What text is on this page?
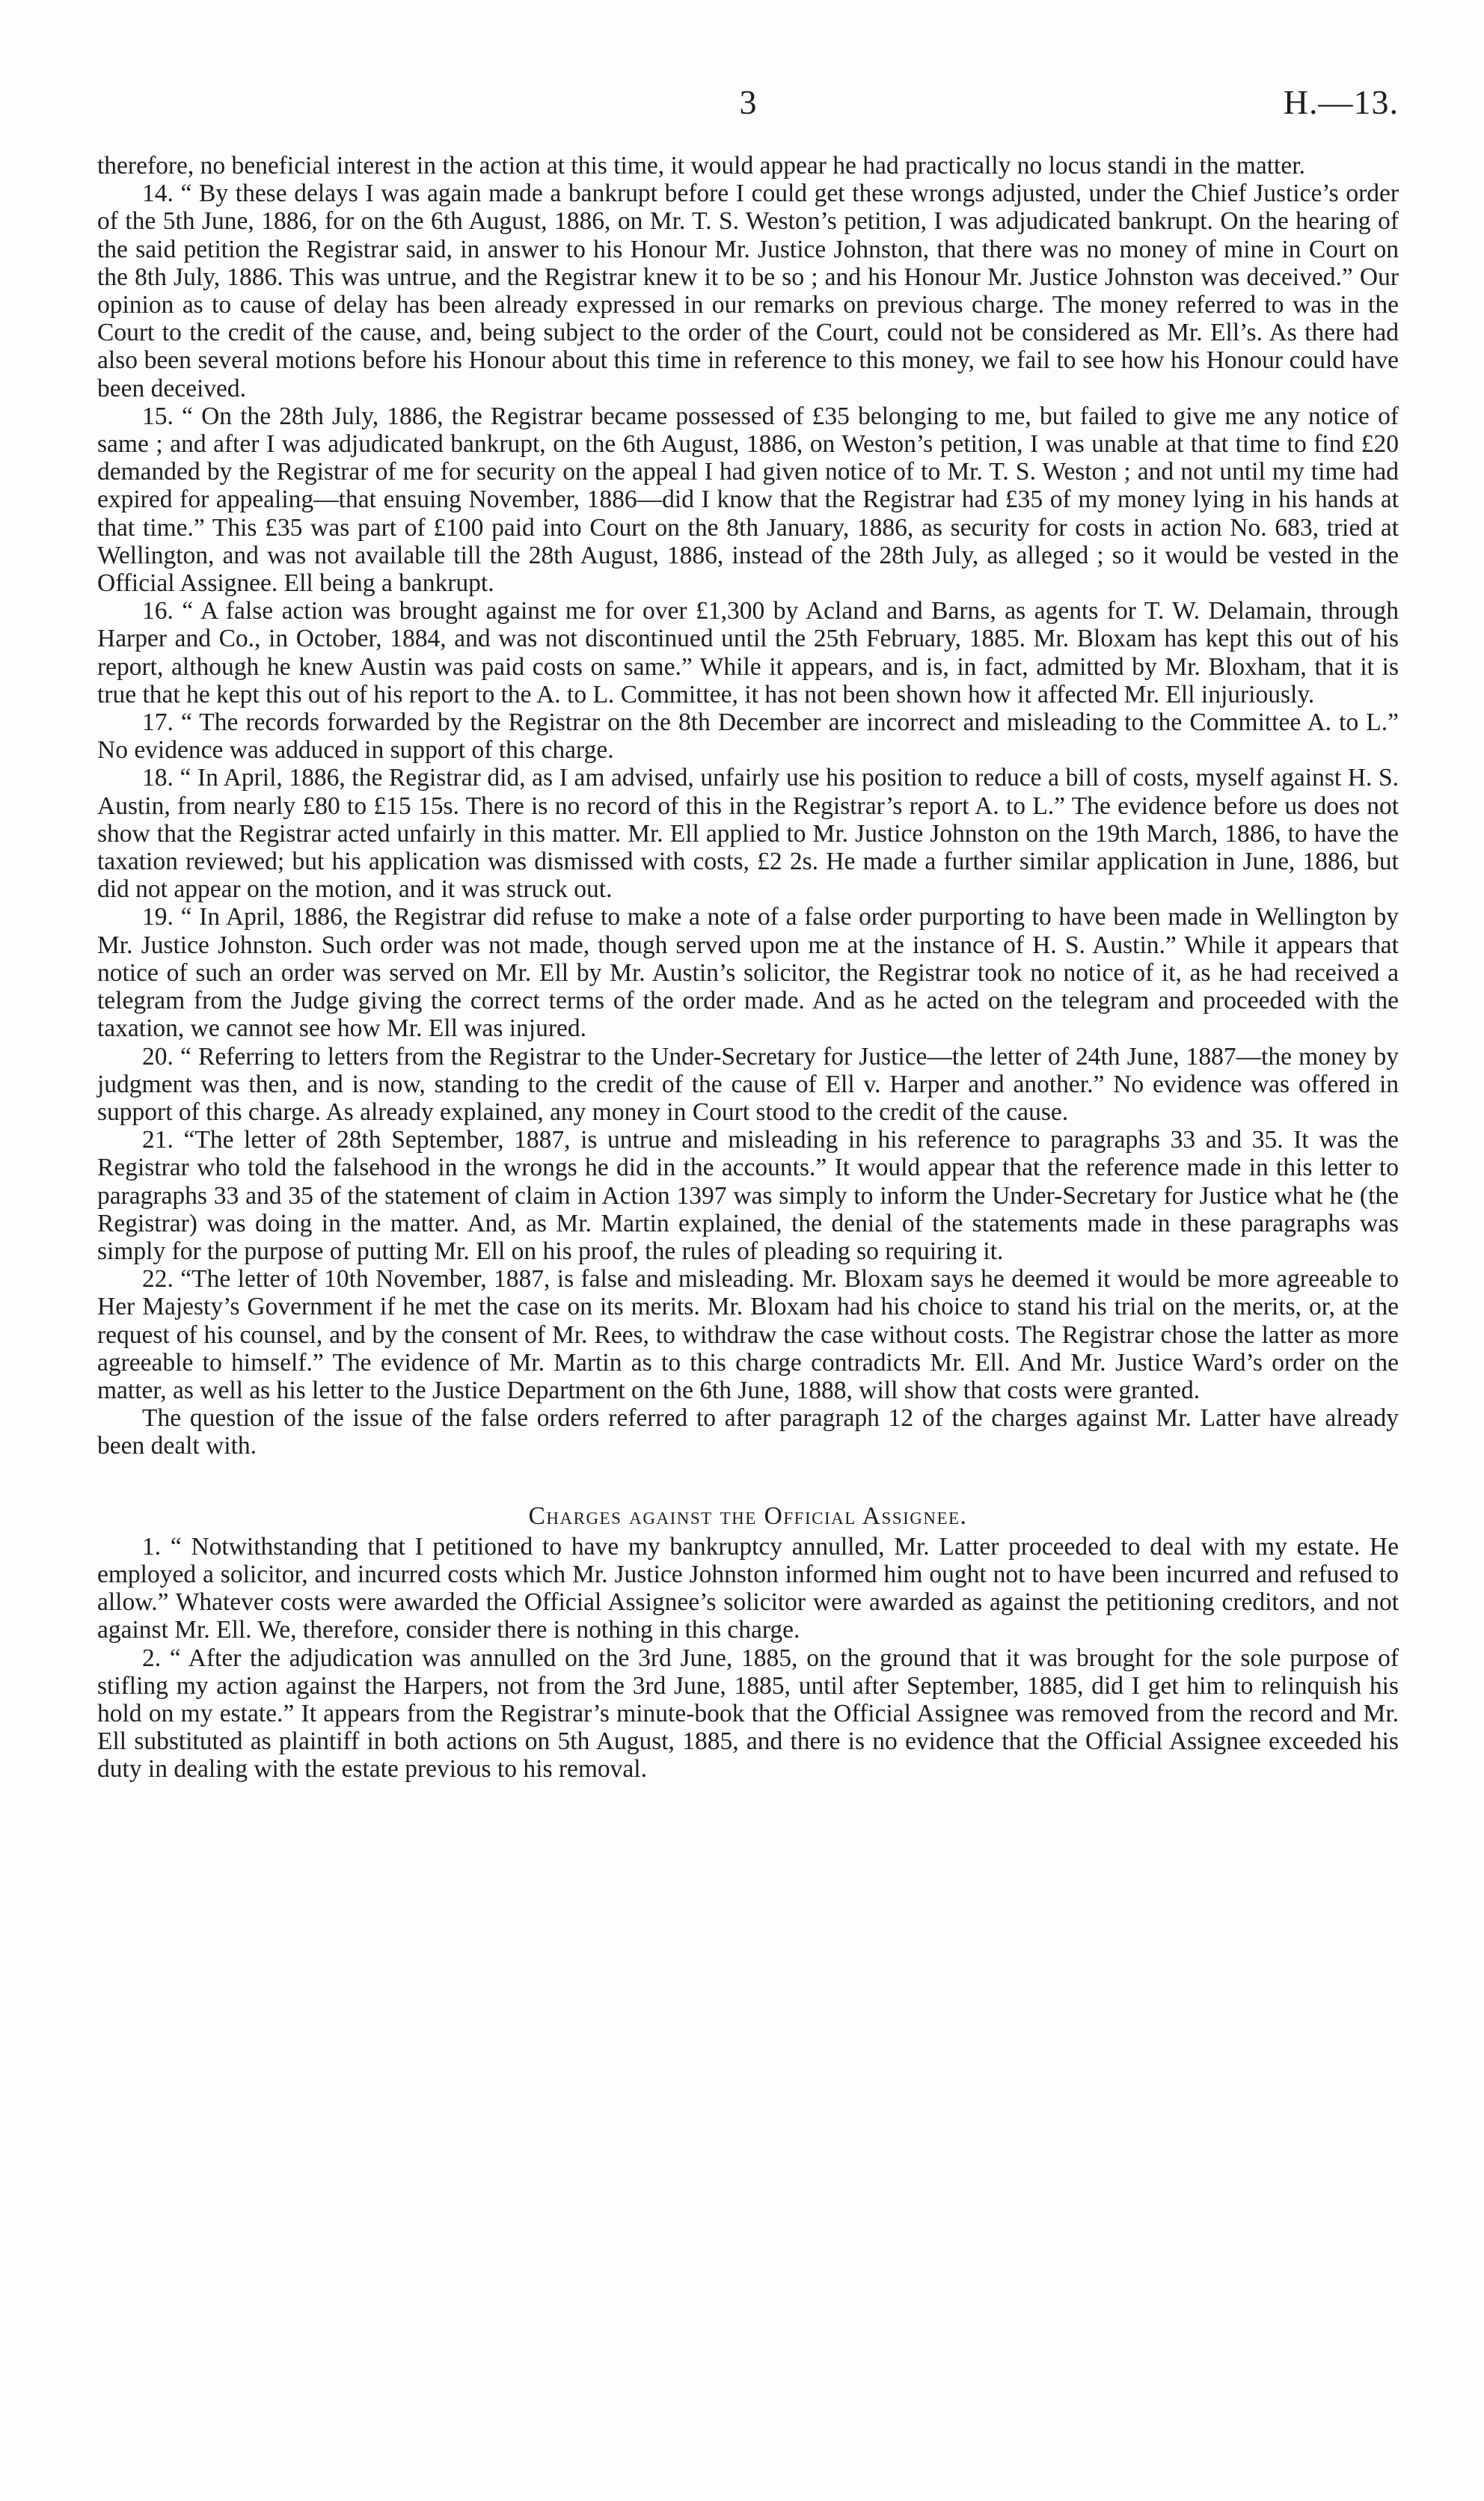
3	H.—13.

therefore, no beneficial interest in the action at this time, it would appear he had practically no locus standi in the matter.

14. “ By these delays I was again made a bankrupt before I could get these wrongs adjusted, under the Chief Justice’s order of the 5th June, 1886, for on the 6th August, 1886, on Mr. T. S. Weston’s petition, I was adjudicated bankrupt. On the hearing of the said petition the Registrar said, in answer to his Honour Mr. Justice Johnston, that there was no money of mine in Court on the 8th July, 1886. This was untrue, and the Registrar knew it to be so ; and his Honour Mr. Justice Johnston was deceived.” Our opinion as to cause of delay has been already expressed in our remarks on previous charge. The money referred to was in the Court to the credit of the cause, and, being subject to the order of the Court, could not be considered as Mr. Ell’s. As there had also been several motions before his Honour about this time in reference to this money, we fail to see how his Honour could have been deceived.

15. “ On the 28th July, 1886, the Registrar became possessed of £35 belonging to me, but failed to give me any notice of same ; and after I was adjudicated bankrupt, on the 6th August, 1886, on Weston’s petition, I was unable at that time to find £20 demanded by the Registrar of me for security on the appeal I had given notice of to Mr. T. S. Weston ; and not until my time had expired for appealing—that ensuing November, 1886—did I know that the Registrar had £35 of my money lying in his hands at that time.” This £35 was part of £100 paid into Court on the 8th January, 1886, as security for costs in action No. 683, tried at Wellington, and was not available till the 28th August, 1886, instead of the 28th July, as alleged ; so it would be vested in the Official Assignee. Ell being a bankrupt.

16. “ A false action was brought against me for over £1,300 by Acland and Barns, as agents for T. W. Delamain, through Harper and Co., in October, 1884, and was not discontinued until the 25th February, 1885. Mr. Bloxam has kept this out of his report, although he knew Austin was paid costs on same.” While it appears, and is, in fact, admitted by Mr. Bloxham, that it is true that he kept this out of his report to the A. to L. Committee, it has not been shown how it affected Mr. Ell injuriously.

17. “ The records forwarded by the Registrar on the 8th December are incorrect and misleading to the Committee A. to L.” No evidence was adduced in support of this charge.

18. “ In April, 1886, the Registrar did, as I am advised, unfairly use his position to reduce a bill of costs, myself against H. S. Austin, from nearly £80 to £15 15s. There is no record of this in the Registrar’s report A. to L.” The evidence before us does not show that the Registrar acted unfairly in this matter. Mr. Ell applied to Mr. Justice Johnston on the 19th March, 1886, to have the taxation reviewed; but his application was dismissed with costs, £2 2s. He made a further similar application in June, 1886, but did not appear on the motion, and it was struck out.

19. “ In April, 1886, the Registrar did refuse to make a note of a false order purporting to have been made in Wellington by Mr. Justice Johnston. Such order was not made, though served upon me at the instance of H. S. Austin.” While it appears that notice of such an order was served on Mr. Ell by Mr. Austin’s solicitor, the Registrar took no notice of it, as he had received a telegram from the Judge giving the correct terms of the order made. And as he acted on the telegram and proceeded with the taxation, we cannot see how Mr. Ell was injured.

20. “ Referring to letters from the Registrar to the Under-Secretary for Justice—the letter of 24th June, 1887—the money by judgment was then, and is now, standing to the credit of the cause of Ell v. Harper and another.” No evidence was offered in support of this charge. As already explained, any money in Court stood to the credit of the cause.

21. “The letter of 28th September, 1887, is untrue and misleading in his reference to paragraphs 33 and 35. It was the Registrar who told the falsehood in the wrongs he did in the accounts.” It would appear that the reference made in this letter to paragraphs 33 and 35 of the statement of claim in Action 1397 was simply to inform the Under-Secretary for Justice what he (the Registrar) was doing in the matter. And, as Mr. Martin explained, the denial of the statements made in these paragraphs was simply for the purpose of putting Mr. Ell on his proof, the rules of pleading so requiring it.

22. “The letter of 10th November, 1887, is false and misleading. Mr. Bloxam says he deemed it would be more agreeable to Her Majesty’s Government if he met the case on its merits. Mr. Bloxam had his choice to stand his trial on the merits, or, at the request of his counsel, and by the consent of Mr. Rees, to withdraw the case without costs. The Registrar chose the latter as more agreeable to himself.” The evidence of Mr. Martin as to this charge contradicts Mr. Ell. And Mr. Justice Ward’s order on the matter, as well as his letter to the Justice Department on the 6th June, 1888, will show that costs were granted.

The question of the issue of the false orders referred to after paragraph 12 of the charges against Mr. Latter have already been dealt with.

Charges against the Official Assignee.

1. “ Notwithstanding that I petitioned to have my bankruptcy annulled, Mr. Latter proceeded to deal with my estate. He employed a solicitor, and incurred costs which Mr. Justice Johnston informed him ought not to have been incurred and refused to allow.” Whatever costs were awarded the Official Assignee’s solicitor were awarded as against the petitioning creditors, and not against Mr. Ell. We, therefore, consider there is nothing in this charge.

2. “ After the adjudication was annulled on the 3rd June, 1885, on the ground that it was brought for the sole purpose of stifling my action against the Harpers, not from the 3rd June, 1885, until after September, 1885, did I get him to relinquish his hold on my estate.” It appears from the Registrar’s minute-book that the Official Assignee was removed from the record and Mr. Ell substituted as plaintiff in both actions on 5th August, 1885, and there is no evidence that the Official Assignee exceeded his duty in dealing with the estate previous to his removal.
